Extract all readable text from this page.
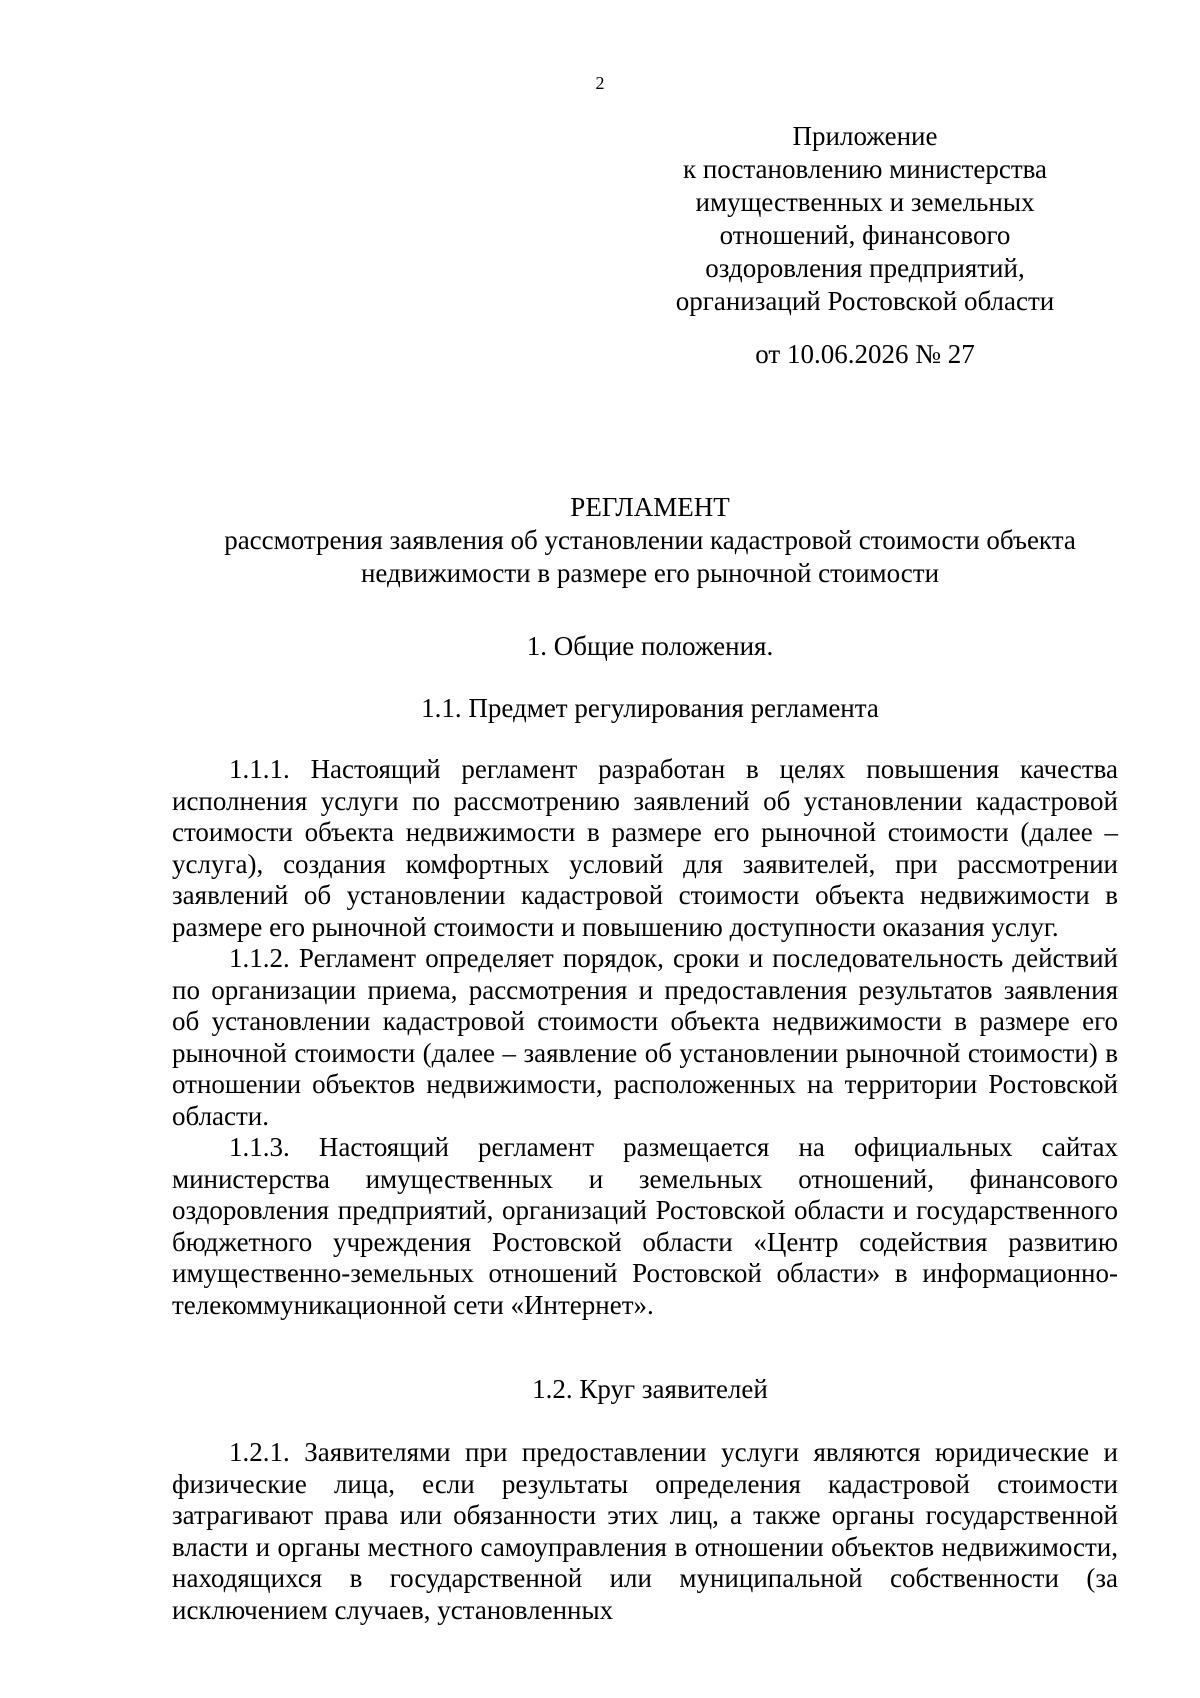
2
Приложение
к постановлению министерства
имущественных и земельных
отношений, финансового
оздоровления предприятий,
организаций Ростовской области
от 10.06.2026 № 27
РЕГЛАМЕНТ
рассмотрения заявления об установлении кадастровой стоимости объекта
недвижимости в размере его рыночной стоимости
1. Общие положения.
1.1. Предмет регулирования регламента

1.1.1. Настоящий регламент разработан в целях повышения качества исполнения услуги по рассмотрению заявлений об установлении кадастровой стоимости объекта недвижимости в размере его рыночной стоимости (далее – услуга), создания комфортных условий для заявителей, при рассмотрении заявлений об установлении кадастровой стоимости объекта недвижимости в размере его рыночной стоимости и повышению доступности оказания услуг.

1.1.2. Регламент определяет порядок, сроки и последовательность действий по организации приема, рассмотрения и предоставления результатов заявления об установлении кадастровой стоимости объекта недвижимости в размере его рыночной стоимости (далее – заявление об установлении рыночной стоимости) в отношении объектов недвижимости, расположенных на территории Ростовской области.

1.1.3. Настоящий регламент размещается на официальных сайтах министерства имущественных и земельных отношений, финансового оздоровления предприятий, организаций Ростовской области и государственного бюджетного учреждения Ростовской области «Центр содействия развитию имущественно-земельных отношений Ростовской области» в информационно-телекоммуникационной сети «Интернет».

1.2. Круг заявителей

1.2.1. Заявителями при предоставлении услуги являются юридические и физические лица, если результаты определения кадастровой стоимости затрагивают права или обязанности этих лиц, а также органы государственной власти и органы местного самоуправления в отношении объектов недвижимости, находящихся в государственной или муниципальной собственности (за исключением случаев, установленных
